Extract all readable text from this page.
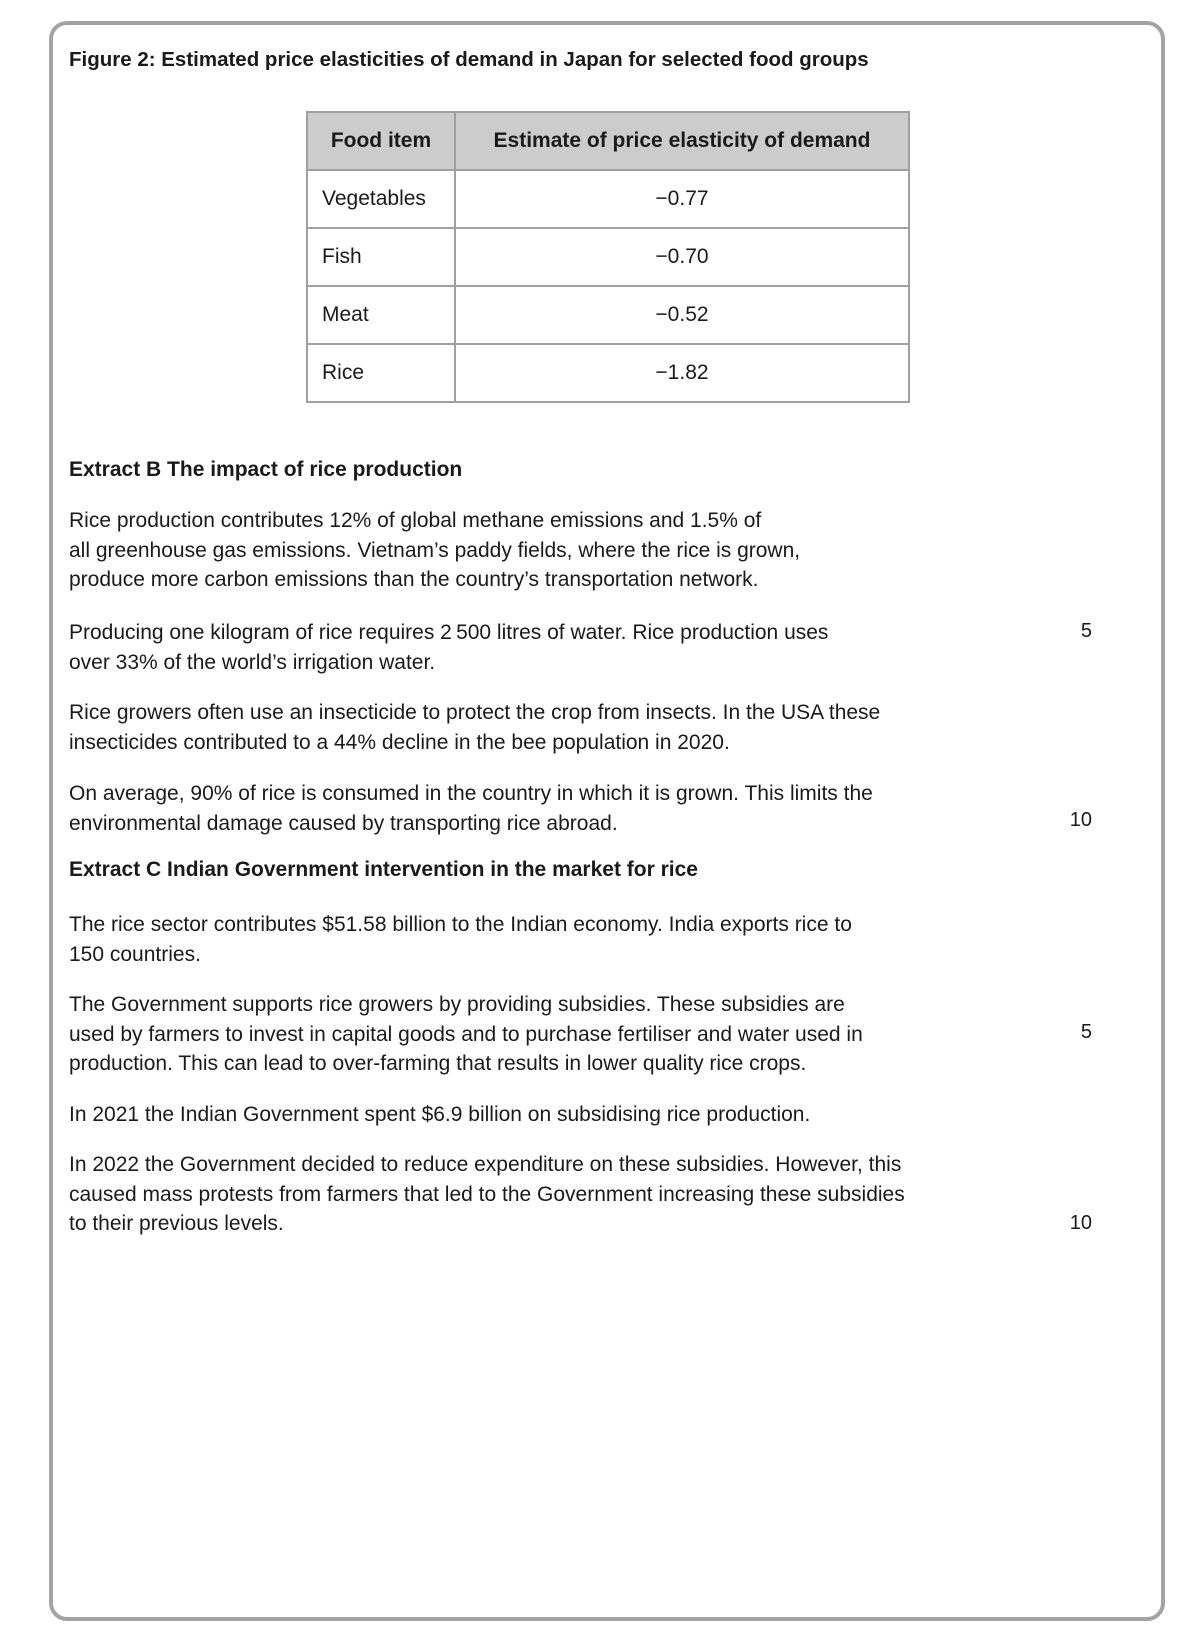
Figure 2: Estimated price elasticities of demand in Japan for selected food groups
Food item	Estimate of price elasticity of demand
Vegetables	−0.77
Fish	−0.70
Meat	−0.52
Rice	−1.82
Extract B The impact of rice production
Rice production contributes 12% of global methane emissions and 1.5% of
all greenhouse gas emissions. Vietnam’s paddy fields, where the rice is grown,
produce more carbon emissions than the country’s transportation network.
Producing one kilogram of rice requires 2 500 litres of water. Rice production uses
over 33% of the world’s irrigation water.
Rice growers often use an insecticide to protect the crop from insects. In the USA these
insecticides contributed to a 44% decline in the bee population in 2020.
On average, 90% of rice is consumed in the country in which it is grown. This limits the
environmental damage caused by transporting rice abroad.
5
10
Extract C Indian Government intervention in the market for rice
The rice sector contributes $51.58 billion to the Indian economy. India exports rice to
150 countries.
The Government supports rice growers by providing subsidies. These subsidies are
used by farmers to invest in capital goods and to purchase fertiliser and water used in
production. This can lead to over-farming that results in lower quality rice crops.
In 2021 the Indian Government spent $6.9 billion on subsidising rice production.
In 2022 the Government decided to reduce expenditure on these subsidies. However, this
caused mass protests from farmers that led to the Government increasing these subsidies
to their previous levels.
5
10
